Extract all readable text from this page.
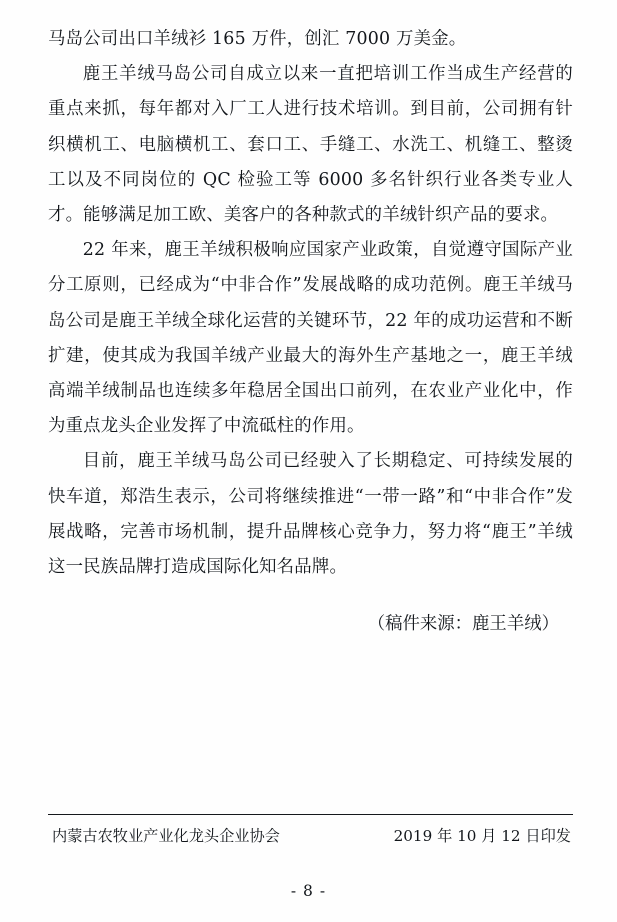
马岛公司出口羊绒衫 165 万件，创汇 7000 万美金。

鹿王羊绒马岛公司自成立以来一直把培训工作当成生产经营的重点来抓，每年都对入厂工人进行技术培训。到目前，公司拥有针织横机工、电脑横机工、套口工、手缝工、水洗工、机缝工、整烫工以及不同岗位的 QC 检验工等 6000 多名针织行业各类专业人才。能够满足加工欧、美客户的各种款式的羊绒针织产品的要求。

22 年来，鹿王羊绒积极响应国家产业政策，自觉遵守国际产业分工原则，已经成为“中非合作”发展战略的成功范例。鹿王羊绒马岛公司是鹿王羊绒全球化运营的关键环节，22 年的成功运营和不断扩建，使其成为我国羊绒产业最大的海外生产基地之一，鹿王羊绒高端羊绒制品也连续多年稳居全国出口前列，在农业产业化中，作为重点龙头企业发挥了中流砥柱的作用。

目前，鹿王羊绒马岛公司已经驶入了长期稳定、可持续发展的快车道，郑浩生表示，公司将继续推进“一带一路”和“中非合作”发展战略，完善市场机制，提升品牌核心竞争力，努力将“鹿王”羊绒这一民族品牌打造成国际化知名品牌。

（稿件来源：鹿王羊绒）

内蒙古农牧业产业化龙头企业协会	2019 年 10 月 12 日印发
- 8 -
